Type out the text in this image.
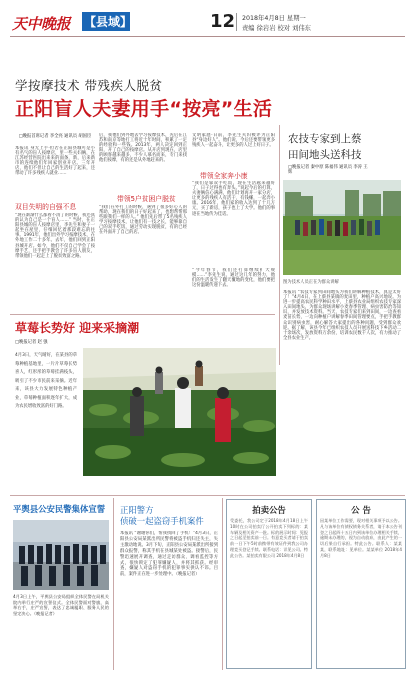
天中晚报 【县域】	12 2018年4月8日 星期一
责编 徐岩岩 校对 刘伟东
学按摩技术 带残疾人脱贫
正阳盲人夫妻用手“按亮”生活
□晚报首席记者 李全亮 通讯员 胡国臣
本报讯 身无上手·但若在正阳县城可是小有名气的盲人按摩店，里一些夫妇俩，在江苏经营医院出来来的面条，新，后来新市的连续他们年回家创业开店。三年开店，他们不但让自己的生活好了起来，还带动了许多残疾人就业……
双目失明的自强不息
“现在渐渐什么都看不清了的时候，我还真的认为自己是一个盲人……” 当时，在正阳县城的盲人按摩店里，李先生和妻子一起坐在屋里，仔细回忆着那段难忘的往事。1991年，他们出外学习按摩技术，在外地工作二十多年。去年，他们回到正阳县城开店。如今，他们不仅自己学会了按摩手艺，还手把手教会了许多盲人朋友，带领他们一起走上了脱贫致富之路。
后，我他们到外地去学习按摩技术，先后在江苏和南京等地打工将近十年时间，积累了一定的经验和一些钱。2013年，两人决定回到正阳，开了自己的按摩店。从开店到现在，店里的顾客越来越多，不少人慕名而来，专门来找他们按摩，有的还是从外地赶来的。
带领5户贫困户脱贫
“我们在外打工的时候，遇到了很多好心人的帮助，现在我们的日子好起来了，也想帮帮那些跟我们一样的人。” 他们先后带了5名残疾人学习按摩技术，让他们有一技之长，能够靠自己的双手吃饭，通过劳动实现脱贫，有的已经在外面开了自己的店。
文明家庭·日前，李先生夫妇被评为正阳县“身边好人”。他们说，今后还要带领更多残疾人一起奋斗，让更多的人过上好日子。
带领全家奔小康
“我们是靠双手吃饭，现在生活越来越好了，日子过得也有奔头。”说起今后的打算，夫妻俩信心满满，他们计划再开一家分店，让更多的残疾人有活干、有钱赚，一起奔小康。2016年，他们家的收入达到了十几万元，买了新房，孩子也上了大学。他们的事迹在当地传为佳话。
“今年春节，我们还打算继续扩大规模……”李先生说，通过这几年的努力，他们的生活发生了翻天覆地的变化，他们要把这份温暖传递下去。
农技专家到上蔡
田间地头送科技
□晚报记者 秦中原 陈福伟 通讯员 李涛 王辉
图为技术人员正在为群众讲解
本报讯 “农技专家到田间地头为我们讲解种植技术，真是太好了！”4月4日，在上蔡县某镇的麦田里，种植户高兴地说。为进一步提高农民科学种田水平，上蔡县农业局组织农技专家深入田间地头，为群众现场讲解小麦春季管理、病虫害防治等知识，并发放技术资料。当天，农技专家们来到田间，一边查看麦苗长势，一边向种植户讲解春季田间管理要点，手把手教群众识别病虫害，耐心解答大家提出的各种问题，受到群众欢迎。据了解，该县今年已组织农技人员开展送科技下乡活动二十余场次，发放资料万余份，培训农民数千人次，有力推动了全县农业生产。
草莓长势好 迎来采摘潮
□晚报记者 赵 强
4月3日，天气晴好，在某县的草莓种植基地里，一片片草莓长势喜人，红彤彤的草莓挂满枝头，吸引了不少市民前来采摘。近年来，该县大力发展特色种植产业，草莓种植面积逐年扩大，成为农民增收致富的好门路。
平舆县公安民警集体宣誓
4月3日上午，平舆县公安局组织全体民警在局机关院内举行庄严的宣誓仪式。全体民警面对警旗，高举右手，庄严宣誓，表达了忠诚履职、服务人民的坚定决心。（晚报记者）
正阳警方
侦破一起盗窃手机案件
本报讯 “谢谢你们，帮我找回了手机！”4月3日，正阳县公安局某派出所民警将被盗手机归还失主，失主激动地说。3月下旬，正阳县公安局某派出所接到群众报警，称其手机在县城某处被盗。接警后，民警迅速展开调查，通过走访群众、调看监控等方式，很快锁定了犯罪嫌疑人，并将其抓获。经审查，嫌疑人对盗窃手机的犯罪事实供认不讳。目前，案件正在进一步处理中。（晚报记者）
拍卖公告
受委托，我公司定于2018年4月18日上午10时在公司拍卖厅公开拍卖下列标的：某车辆及相关资产一批。标的展示时间：见报之日起至拍卖前一日。有意竞买者请于拍卖前一日下午5时前携带有效证件到我公司办理竞买登记手续。联系电话：详见公司。特此公告。某拍卖有限公司 2018年4月8日
公 告
因某单位工作需要，现对相关事项予以公告。凡与该单位有债权债务关系者，请于本公告刊登之日起四十五日内到该单位办理相关手续，逾期未办理的，视为自动放弃，由此产生的一切后果自行承担。特此公告。联系人：某某某，联系地址：见单位。某某单位 2018年4月8日
